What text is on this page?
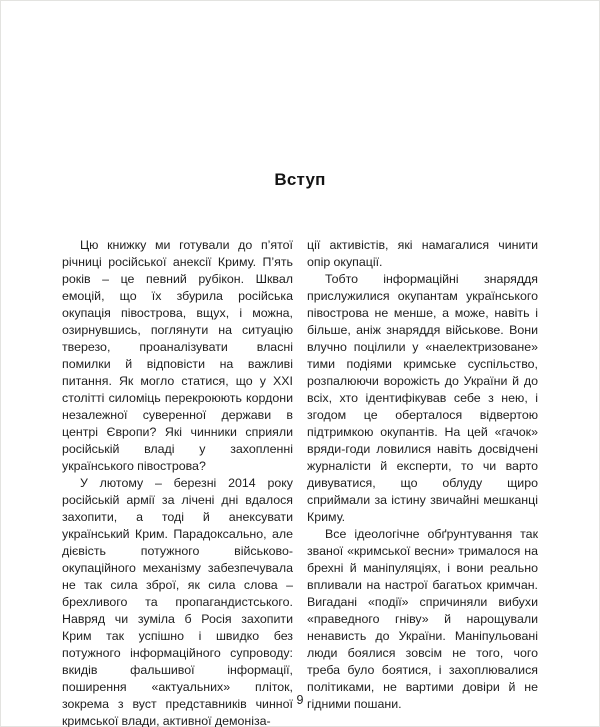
Вступ

Цю книжку ми готували до п’ятої річниці російської анексії Криму. П’ять років – це певний рубікон. Шквал емоцій, що їх збурила російська окупація півострова, вщух, і можна, озирнувшись, поглянути на ситуацію тверезо, проаналізувати власні помилки й відповісти на важливі питання. Як могло статися, що у XXI столітті силоміць перекроюють кордони незалежної суверенної держави в центрі Європи? Які чинники сприяли російській владі у захопленні українського півострова?

У лютому – березні 2014 року російській армії за лічені дні вдалося захопити, а тоді й анексувати український Крим. Парадоксально, але дієвість потужного військово-окупаційного механізму забезпечувала не так сила зброї, як сила слова – брехливого та пропагандистського. Навряд чи зуміла б Росія захопити Крим так успішно і швидко без потужного інформаційного супроводу: вкидів фальшивої інформації, поширення «актуальних» пліток, зокрема з вуст представників чинної кримської влади, активної демоніза-

ції активістів, які намагалися чинити опір окупації.

Тобто інформаційні знаряддя прислужилися окупантам українського півострова не менше, а може, навіть і більше, аніж знаряддя військове. Вони влучно поцілили у «наелектризоване» тими подіями кримське суспільство, розпалюючи ворожість до України й до всіх, хто ідентифікував себе з нею, і згодом це оберталося відвертою підтримкою окупантів. На цей «гачок» вряди-годи ловилися навіть досвідчені журналісти й експерти, то чи варто дивуватися, що облуду щиро сприймали за істину звичайні мешканці Криму.

Все ідеологічне обґрунтування так званої «кримської весни» трималося на брехні й маніпуляціях, і вони реально впливали на настрої багатьох кримчан. Вигадані «події» спричиняли вибухи «праведного гніву» й нарощували ненависть до України. Маніпульовані люди боялися зовсім не того, чого треба було боятися, і захоплювалися політиками, не вартими довіри й не гідними пошани.

9
